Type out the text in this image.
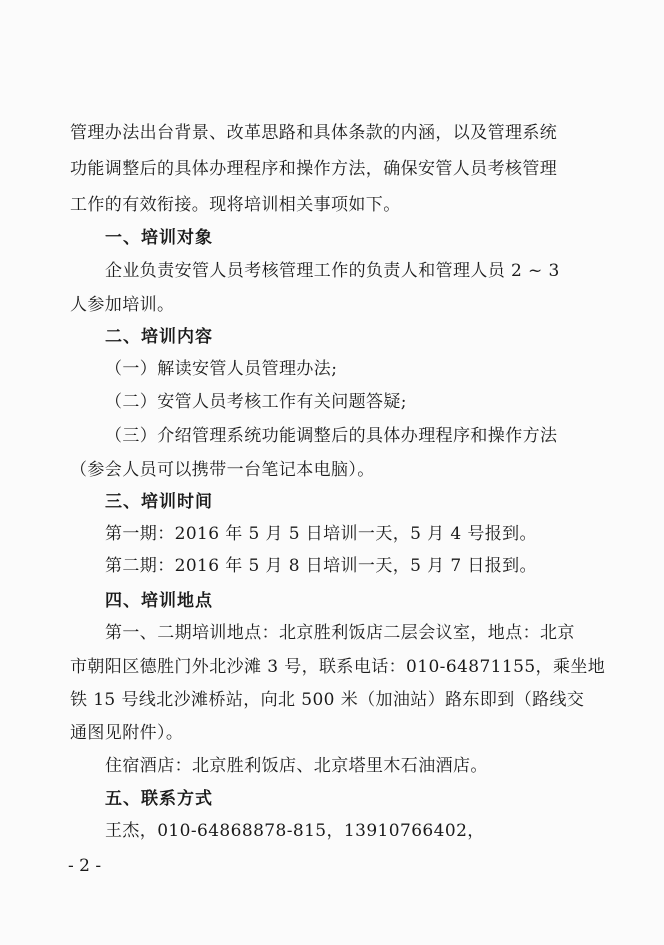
管理办法出台背景、改革思路和具体条款的内涵，以及管理系统
功能调整后的具体办理程序和操作方法，确保安管人员考核管理
工作的有效衔接。现将培训相关事项如下。
一、培训对象
企业负责安管人员考核管理工作的负责人和管理人员 2 ~ 3
人参加培训。
二、培训内容
（一）解读安管人员管理办法;
（二）安管人员考核工作有关问题答疑;
（三）介绍管理系统功能调整后的具体办理程序和操作方法
（参会人员可以携带一台笔记本电脑）。
三、培训时间
第一期：2016 年 5 月 5 日培训一天，5 月 4 号报到。
第二期：2016 年 5 月 8 日培训一天，5 月 7 日报到。
四、培训地点
第一、二期培训地点：北京胜利饭店二层会议室，地点：北京
市朝阳区德胜门外北沙滩 3 号，联系电话：010-64871155，乘坐地
铁 15 号线北沙滩桥站，向北 500 米（加油站）路东即到（路线交
通图见附件）。
住宿酒店：北京胜利饭店、北京塔里木石油酒店。
五、联系方式
王杰，010-64868878-815，13910766402，
- 2 -
